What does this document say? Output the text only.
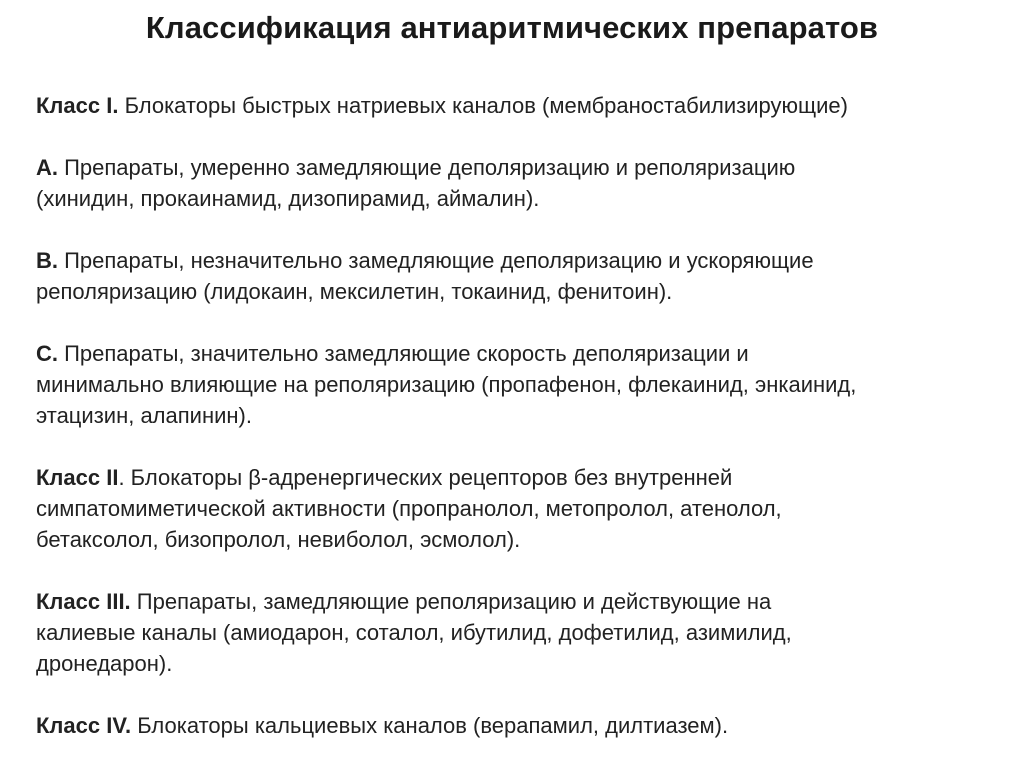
Классификация антиаритмических препаратов

Класс I. Блокаторы быстрых натриевых каналов (мембраностабилизирующие)

А. Препараты, умеренно замедляющие деполяризацию и реполяризацию
(хинидин, прокаинамид, дизопирамид, аймалин).

В. Препараты, незначительно замедляющие деполяризацию и ускоряющие
реполяризацию (лидокаин, мексилетин, токаинид, фенитоин).

С. Препараты, значительно замедляющие скорость деполяризации и
минимально влияющие на реполяризацию (пропафенон, флекаинид, энкаинид,
этацизин, алапинин).

Класс II. Блокаторы β-адренергических рецепторов без внутренней
симпатомиметической активности (пропранолол, метопролол, атенолол,
бетаксолол, бизопролол, невиболол, эсмолол).

Класс III. Препараты, замедляющие реполяризацию и действующие на
калиевые каналы (амиодарон, соталол, ибутилид, дофетилид, азимилид,
дронедарон).

Класс IV. Блокаторы кальциевых каналов (верапамил, дилтиазем).
